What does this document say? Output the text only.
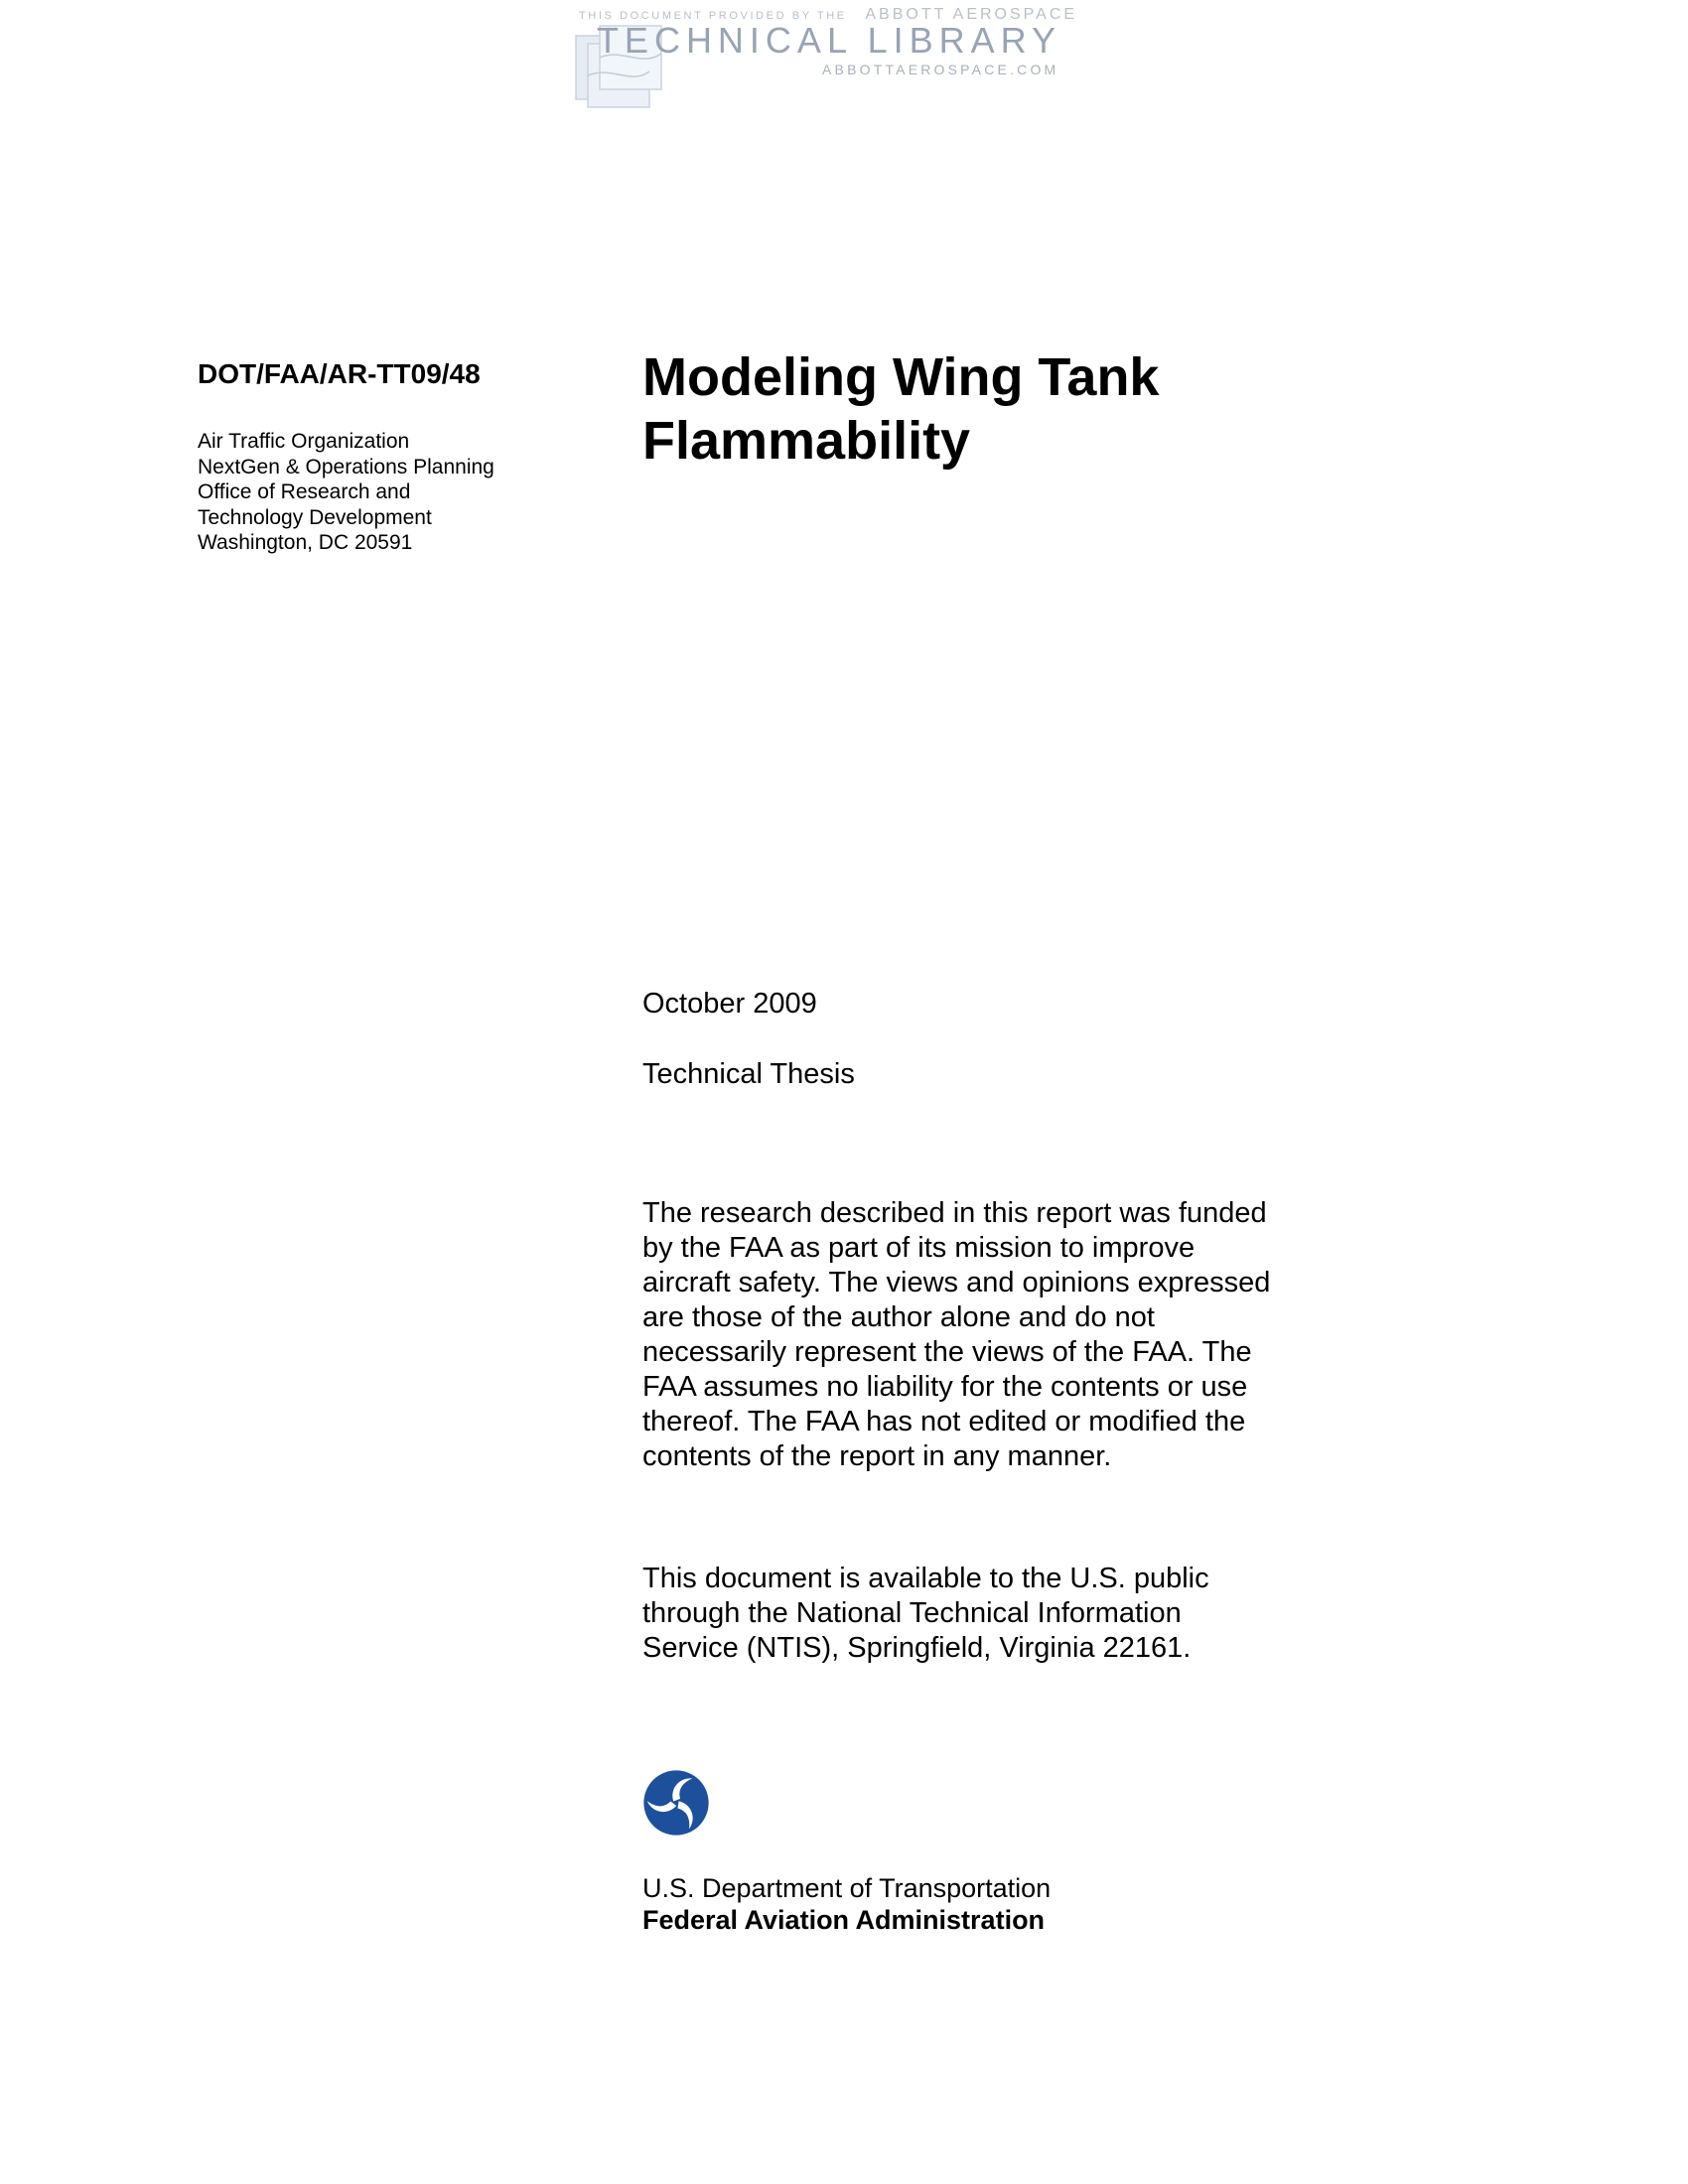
THIS DOCUMENT PROVIDED BY THE ABBOTT AEROSPACE
TECHNICAL LIBRARY
ABBOTTAEROSPACE.COM

DOT/FAA/AR-TT09/48

Air Traffic Organization
NextGen & Operations Planning
Office of Research and
Technology Development
Washington, DC 20591

Modeling Wing Tank
Flammability

October 2009

Technical Thesis

The research described in this report was funded
by the FAA as part of its mission to improve
aircraft safety. The views and opinions expressed
are those of the author alone and do not
necessarily represent the views of the FAA. The
FAA assumes no liability for the contents or use
thereof. The FAA has not edited or modified the
contents of the report in any manner.

This document is available to the U.S. public
through the National Technical Information
Service (NTIS), Springfield, Virginia 22161.

U.S. Department of Transportation
Federal Aviation Administration
